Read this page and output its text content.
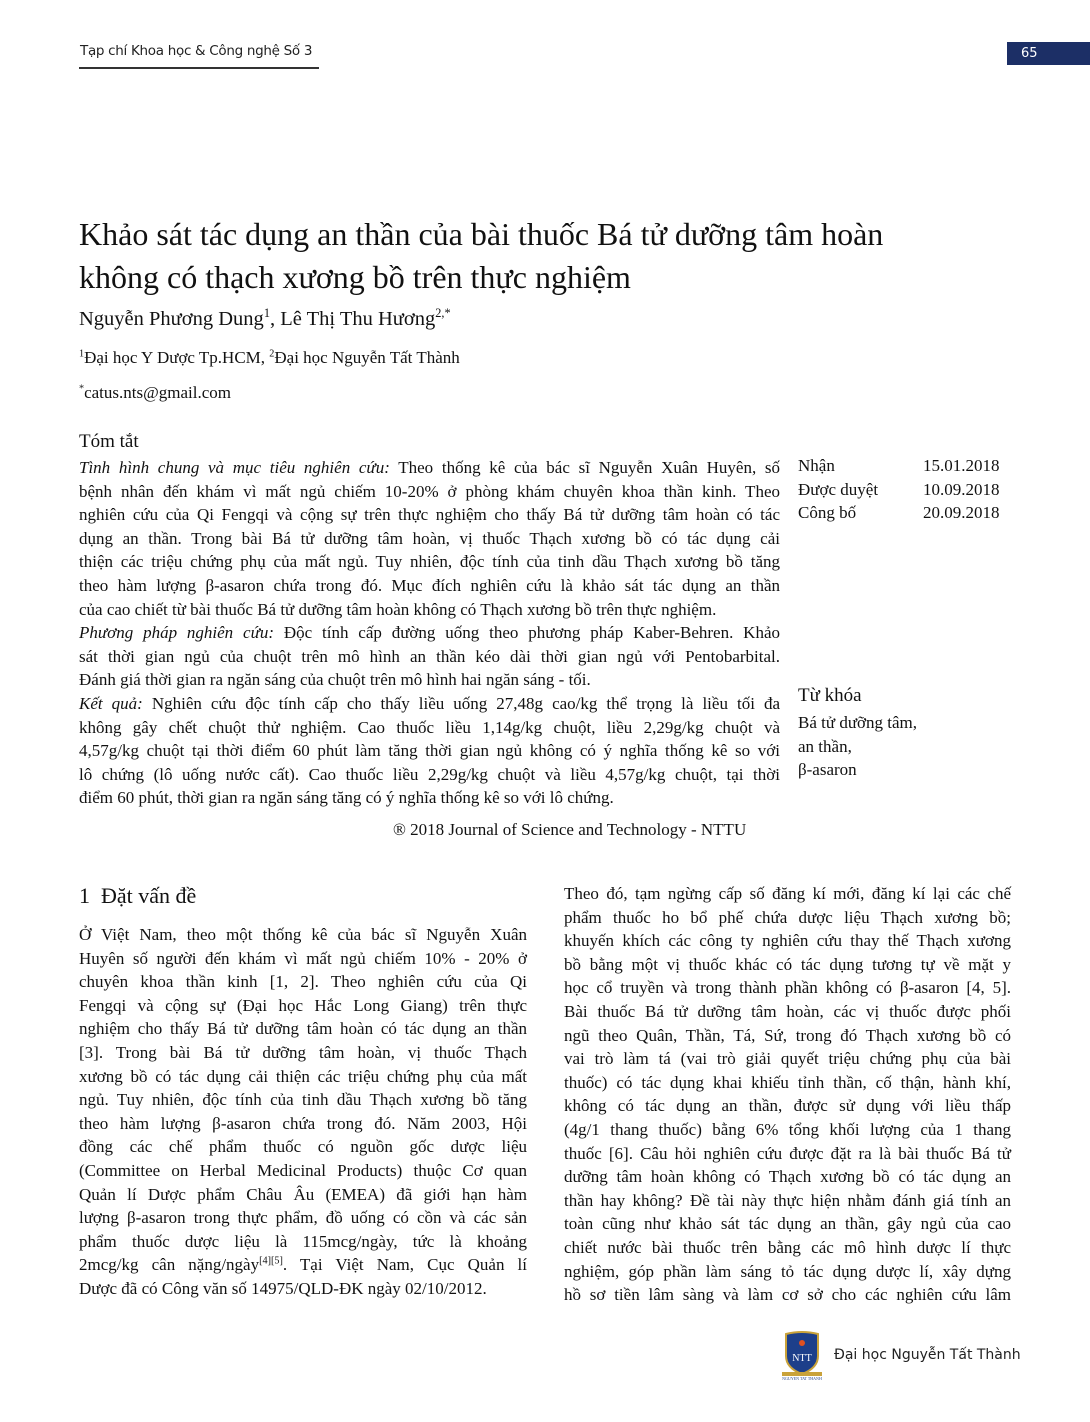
Tạp chí Khoa học & Công nghệ Số 3	65
Khảo sát tác dụng an thần của bài thuốc Bá tử dưỡng tâm hoàn
không có thạch xương bồ trên thực nghiệm
Nguyễn Phương Dung$^1$, Lê Thị Thu Hương$^{2,*}$
$^1$Đại học Y Dược Tp.HCM, $^2$Đại học Nguyễn Tất Thành
*catus.nts@gmail.com
Tóm tắt
Tình hình chung và mục tiêu nghiên cứu: Theo thống kê của bác sĩ Nguyễn Xuân Huyên, số
bệnh nhân đến khám vì mất ngủ chiếm 10-20% ở phòng khám chuyên khoa thần kinh. Theo
nghiên cứu của Qi Fengqi và cộng sự trên thực nghiệm cho thấy Bá tử dưỡng tâm hoàn có tác
dụng an thần. Trong bài Bá tử dưỡng tâm hoàn, vị thuốc Thạch xương bồ có tác dụng cải
thiện các triệu chứng phụ của mất ngủ. Tuy nhiên, độc tính của tinh dầu Thạch xương bồ tăng
theo hàm lượng β-asaron chứa trong đó. Mục đích nghiên cứu là khảo sát tác dụng an thần
của cao chiết từ bài thuốc Bá tử dưỡng tâm hoàn không có Thạch xương bồ trên thực nghiệm.
Phương pháp nghiên cứu: Độc tính cấp đường uống theo phương pháp Kaber-Behren. Khảo
sát thời gian ngủ của chuột trên mô hình an thần kéo dài thời gian ngủ với Pentobarbital.
Đánh giá thời gian ra ngăn sáng của chuột trên mô hình hai ngăn sáng - tối.
Kết quả: Nghiên cứu độc tính cấp cho thấy liều uống 27,48g cao/kg thể trọng là liều tối đa
không gây chết chuột thử nghiệm. Cao thuốc liều 1,14g/kg chuột, liều 2,29g/kg chuột và
4,57g/kg chuột tại thời điểm 60 phút làm tăng thời gian ngủ không có ý nghĩa thống kê so với
lô chứng (lô uống nước cất). Cao thuốc liều 2,29g/kg chuột và liều 4,57g/kg chuột, tại thời
điểm 60 phút, thời gian ra ngăn sáng tăng có ý nghĩa thống kê so với lô chứng.
® 2018 Journal of Science and Technology - NTTU
Nhận	15.01.2018
Được duyệt	10.09.2018
Công bố	20.09.2018
Từ khóa
Bá tử dưỡng tâm,
an thần,
β-asaron
1 Đặt vấn đề
Ở Việt Nam, theo một thống kê của bác sĩ Nguyễn Xuân
Huyên số người đến khám vì mất ngủ chiếm 10% - 20% ở
chuyên khoa thần kinh [1, 2]. Theo nghiên cứu của Qi
Fengqi và cộng sự (Đại học Hắc Long Giang) trên thực
nghiệm cho thấy Bá tử dưỡng tâm hoàn có tác dụng an thần
[3]. Trong bài Bá tử dưỡng tâm hoàn, vị thuốc Thạch
xương bồ có tác dụng cải thiện các triệu chứng phụ của mất
ngủ. Tuy nhiên, độc tính của tinh dầu Thạch xương bồ tăng
theo hàm lượng β-asaron chứa trong đó. Năm 2003, Hội
đồng các chế phẩm thuốc có nguồn gốc dược liệu
(Committee on Herbal Medicinal Products) thuộc Cơ quan
Quản lí Dược phẩm Châu Âu (EMEA) đã giới hạn hàm
lượng β-asaron trong thực phẩm, đồ uống có cồn và các sản
phẩm thuốc dược liệu là 115mcg/ngày, tức là khoảng
2mcg/kg cân nặng/ngày[4][5]. Tại Việt Nam, Cục Quản lí
Dược đã có Công văn số 14975/QLD-ĐK ngày 02/10/2012.
Theo đó, tạm ngừng cấp số đăng kí mới, đăng kí lại các chế
phẩm thuốc ho bổ phế chứa dược liệu Thạch xương bồ;
khuyến khích các công ty nghiên cứu thay thế Thạch xương
bồ bằng một vị thuốc khác có tác dụng tương tự về mặt y
học cổ truyền và trong thành phần không có β-asaron [4, 5].
Bài thuốc Bá tử dưỡng tâm hoàn, các vị thuốc được phối
ngũ theo Quân, Thần, Tá, Sứ, trong đó Thạch xương bồ có
vai trò làm tá (vai trò giải quyết triệu chứng phụ của bài
thuốc) có tác dụng khai khiếu tỉnh thần, cố thận, hành khí,
không có tác dụng an thần, được sử dụng với liều thấp
(4g/1 thang thuốc) bằng 6% tổng khối lượng của 1 thang
thuốc [6]. Câu hỏi nghiên cứu được đặt ra là bài thuốc Bá tử
dưỡng tâm hoàn không có Thạch xương bồ có tác dụng an
thần hay không? Đề tài này thực hiện nhằm đánh giá tính an
toàn cũng như khảo sát tác dụng an thần, gây ngủ của cao
chiết nước bài thuốc trên bằng các mô hình dược lí thực
nghiệm, góp phần làm sáng tỏ tác dụng dược lí, xây dựng
hồ sơ tiền lâm sàng và làm cơ sở cho các nghiên cứu lâm
NTT
NGUYEN TAT THANH
Đại học Nguyễn Tất Thành
